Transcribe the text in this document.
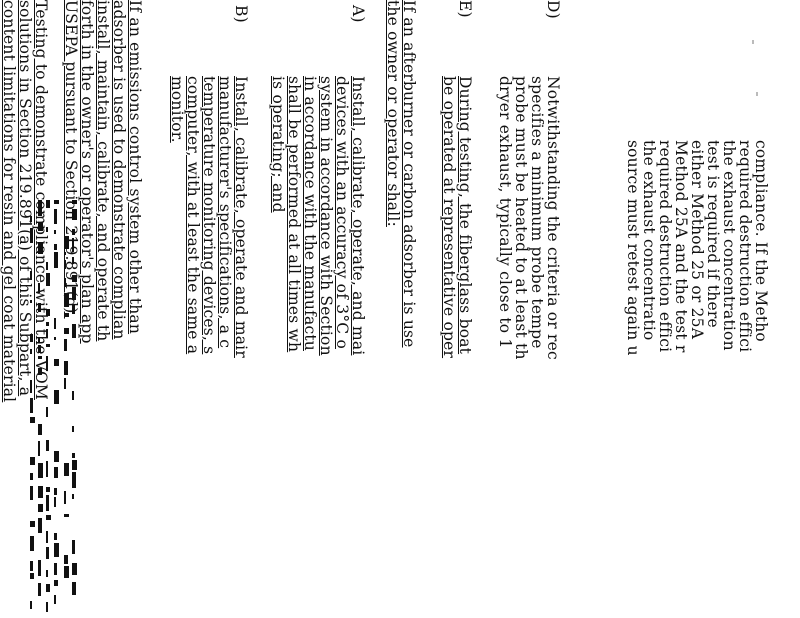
compliance. If the Metho
required destruction effici
the exhaust concentration
test is required if there
either Method 25 or 25A
Method 25A and the test r
required destruction effici
the exhaust concentratio
source must retest again u
D)
Notwithstanding the criteria or rec
specifies a minimum probe tempe
probe must be heated to at least th
dryer exhaust, typically close to 1
E)
During testing, the fiberglass boat
be operated at representative oper
If an afterburner or carbon adsorber is use
the owner or operator shall:
A)
Install, calibrate, operate, and mai
devices with an accuracy of 3°C o
system in accordance with Section
in accordance with the manufactu
shall be performed at all times wh
is operating; and
B)
Install, calibrate, operate and mair
manufacturer's specifications, a c
temperature monitoring devices, s
computer, with at least the same a
monitor.
If an emissions control system other than
adsorber is used to demonstrate complian
install, maintain, calibrate, and operate th
forth in the owner's or operator's plan app
USEPA pursuant to Section 219.891(d).
Testing to demonstrate compliance with the VOM
solutions in Section 219.891(a) of this Subpart, a
content limitations for resin and gel coat material
